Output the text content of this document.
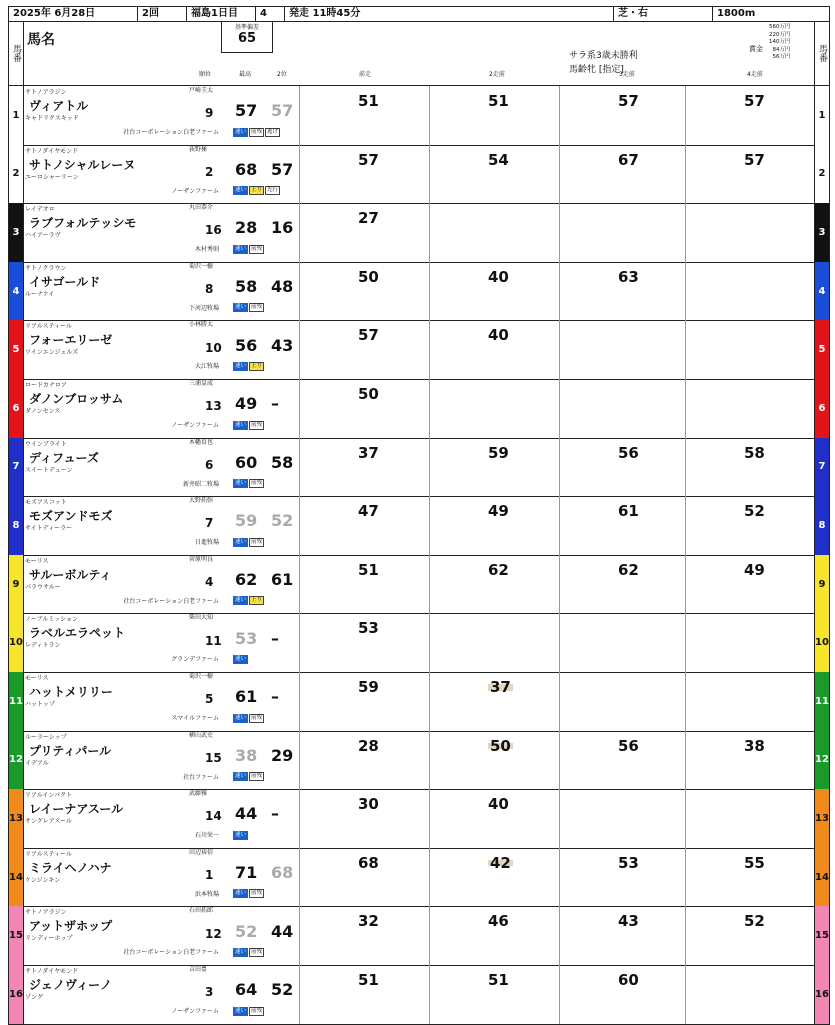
2025年 6月28日	2回	福島1日目	4	発走 11時45分	芝・右	1800m
馬番
馬名
基準偏差
65
順位	最高	2位	前走	2走前	3走前	4走前
サラ系3歳未勝利
馬齢牝 [指定]
賞金
560万円
220万円
140万円
84万円
56万円	馬番
1
サトノアラジン
ヴィアトル
キャドリクスキッド
社台コーポレーション白老ファーム
戸崎圭太
9 57 57
速い 前残 逃げ
51	51	57	57
1
2
サトノダイヤモンド
サトノシャルレーヌ
ユーロシャーリーン
ノーザンファーム
荻野極
2 68 57
速い 上り 先行
57	54	67	57
2
3
レイデオロ
ラブフォルテッシモ
ハイアーラヴ
木村秀則
丸田恭介
16 28 16
速い 前残
27
3
4
サトノクラウン
イサゴールド
ルーナケイ
下河辺牧場
菊沢一樹
8 58 48
速い 前残
50	40	63
4
5
リアルスティール
フォーエリーゼ
ツインエンジェルズ
大江牧場
小林勝太
10 56 43
速い 上り
57	40
5
6
ロードカナロア
ダノンブロッサム
ダノンセンス
ノーザンファーム
三浦皇成
13 49 –
速い 前残
50
6
7
ウインブライト
ディフューズ
スイートデューン
新井昭二牧場
木幡育也
6 60 58
速い 前残
37	59	56	58
7
8
モズアスコット
モズアンドモズ
サイトディーラー
日進牧場
大野拓弥
7 59 52
速い 前残
47	49	61	52
8
9
モーリス
サルーボルティ
パラウサルー
社台コーポレーション白老ファーム
菅原明良
4 62 61
速い 上り
51	62	62	49
9
10
ノーブルミッション
ラベルエラペット
レディトラン
グランデファーム
柴田大知
11 53 –
速い
53
10
11
モーリス
ハットメリリー
ハットップ
スマイルファーム
菊沢一樹
5 61 –
速い 前残
59	37
11
12
ルーラーシップ
プリティパール
イデアル
社台ファーム
横山武史
15 38 29
速い 前残
28	50	56	38
12
13
リアルインパクト
レイーナアスール
サングレアスール
石川栄一
武藤雅
14 44 –
速い
30	40
13
14
リアルスティール
ミライヘノハナ
ケンジンキン
浜本牧場
田辺裕信
1 71 68
速い 前残
68	42	53	55
14
15
サトノアラジン
アットザホップ
リンディーホップ
社台コーポレーション白老ファーム
石田拓郎
12 52 44
速い 前残
32	46	43	52
15
16
サトノダイヤモンド
ジェノヴィーノ
ゾング
ノーザンファーム
吉田豊
3 64 52
速い 前残
51	51	60
16
